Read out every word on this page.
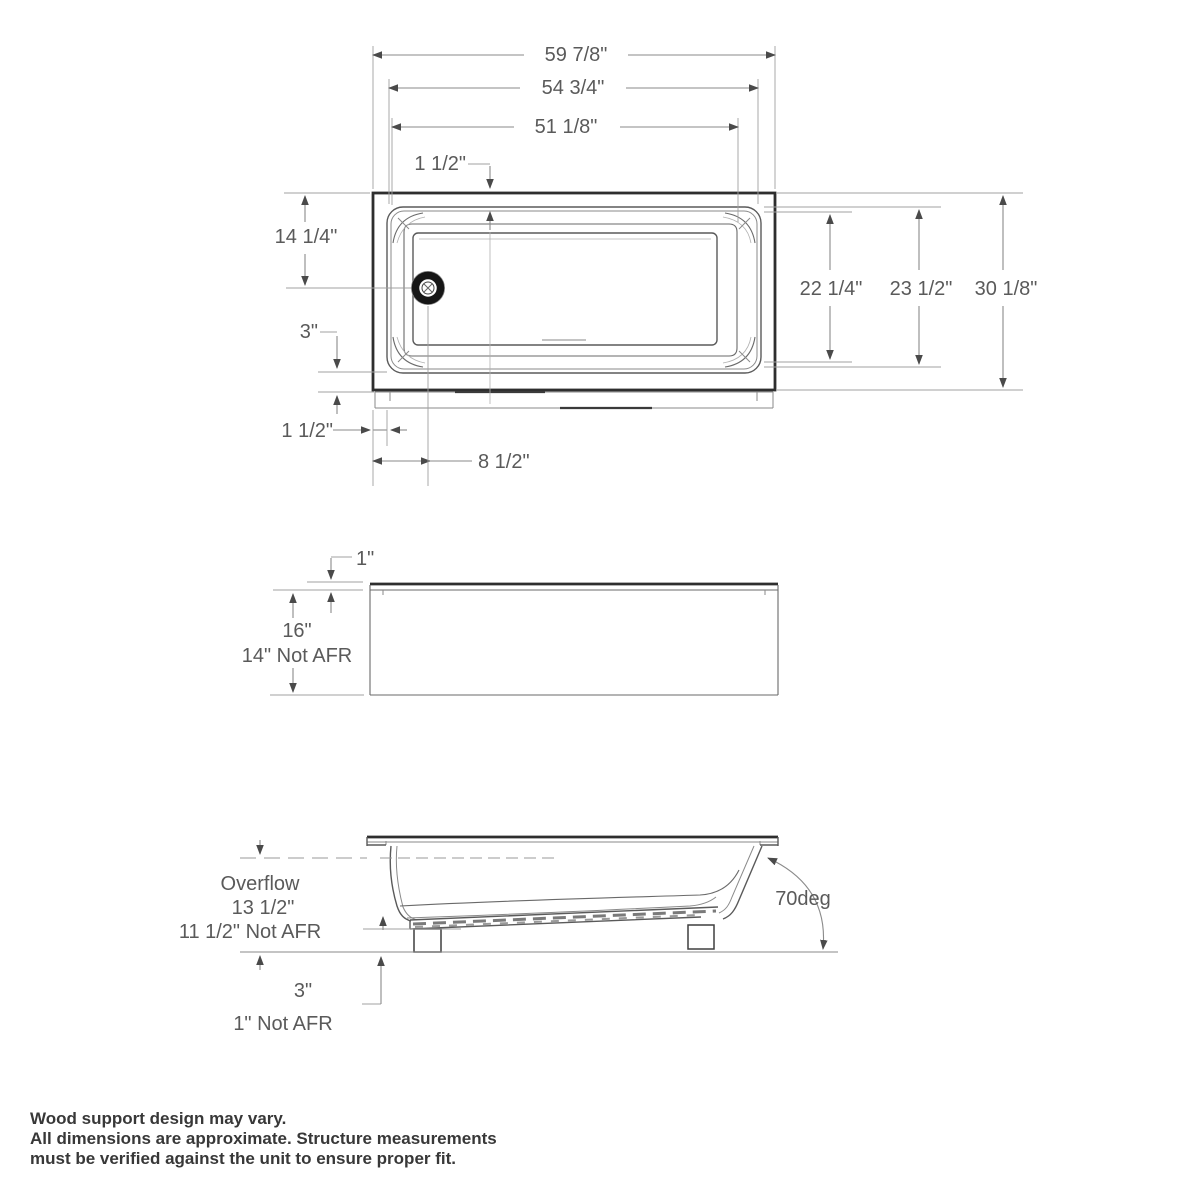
59 7/8"
54 3/4"
51 1/8"
1 1/2"
14 1/4"
3"
1 1/2"
8 1/2"
22 1/4" 23 1/2" 30 1/8"
1"
16"
14" Not AFR
Overflow
13 1/2"
11 1/2" Not AFR
3"
1" Not AFR
70deg
Wood support design may vary.
All dimensions are approximate. Structure measurements
must be verified against the unit to ensure proper fit.
